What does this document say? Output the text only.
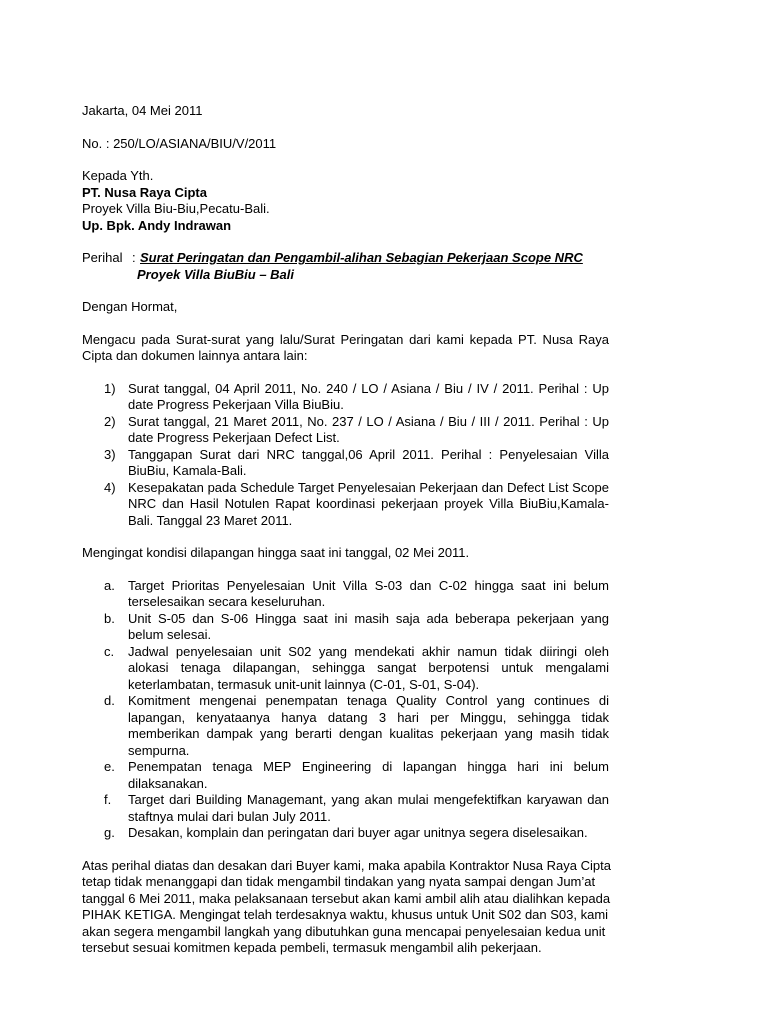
Jakarta, 04 Mei 2011
No. : 250/LO/ASIANA/BIU/V/2011
Kepada Yth.
PT. Nusa Raya Cipta
Proyek Villa Biu-Biu,Pecatu-Bali.
Up. Bpk. Andy Indrawan
Perihal : Surat Peringatan dan Pengambil-alihan Sebagian Pekerjaan Scope NRC
Proyek Villa BiuBiu – Bali
Dengan Hormat,
Mengacu pada Surat-surat yang lalu/Surat Peringatan dari kami kepada PT. Nusa Raya Cipta dan dokumen lainnya antara lain:
1) Surat tanggal, 04 April 2011, No. 240 / LO / Asiana / Biu / IV / 2011. Perihal : Up date Progress Pekerjaan Villa BiuBiu.
2) Surat tanggal, 21 Maret 2011, No. 237 / LO / Asiana / Biu / III / 2011. Perihal : Up date Progress Pekerjaan Defect List.
3) Tanggapan Surat dari NRC tanggal,06 April 2011. Perihal : Penyelesaian Villa BiuBiu, Kamala-Bali.
4) Kesepakatan pada Schedule Target Penyelesaian Pekerjaan dan Defect List Scope NRC dan Hasil Notulen Rapat koordinasi pekerjaan proyek Villa BiuBiu,Kamala-Bali. Tanggal 23 Maret 2011.
Mengingat kondisi dilapangan hingga saat ini tanggal, 02 Mei 2011.
a. Target Prioritas Penyelesaian Unit Villa S-03 dan C-02 hingga saat ini belum terselesaikan secara keseluruhan.
b. Unit S-05 dan S-06 Hingga saat ini masih saja ada beberapa pekerjaan yang belum selesai.
c. Jadwal penyelesaian unit S02 yang mendekati akhir namun tidak diiringi oleh alokasi tenaga dilapangan, sehingga sangat berpotensi untuk mengalami keterlambatan, termasuk unit-unit lainnya (C-01, S-01, S-04).
d. Komitment mengenai penempatan tenaga Quality Control yang continues di lapangan, kenyataanya hanya datang 3 hari per Minggu, sehingga tidak memberikan dampak yang berarti dengan kualitas pekerjaan yang masih tidak sempurna.
e. Penempatan tenaga MEP Engineering di lapangan hingga hari ini belum dilaksanakan.
f. Target dari Building Managemant, yang akan mulai mengefektifkan karyawan dan staftnya mulai dari bulan July 2011.
g. Desakan, komplain dan peringatan dari buyer agar unitnya segera diselesaikan.
Atas perihal diatas dan desakan dari Buyer kami, maka apabila Kontraktor Nusa Raya Cipta
tetap tidak menanggapi dan tidak mengambil tindakan yang nyata sampai dengan Jum’at
tanggal 6 Mei 2011, maka pelaksanaan tersebut akan kami ambil alih atau dialihkan kepada
PIHAK KETIGA. Mengingat telah terdesaknya waktu, khusus untuk Unit S02 dan S03, kami
akan segera mengambil langkah yang dibutuhkan guna mencapai penyelesaian kedua unit
tersebut sesuai komitmen kepada pembeli, termasuk mengambil alih pekerjaan.
